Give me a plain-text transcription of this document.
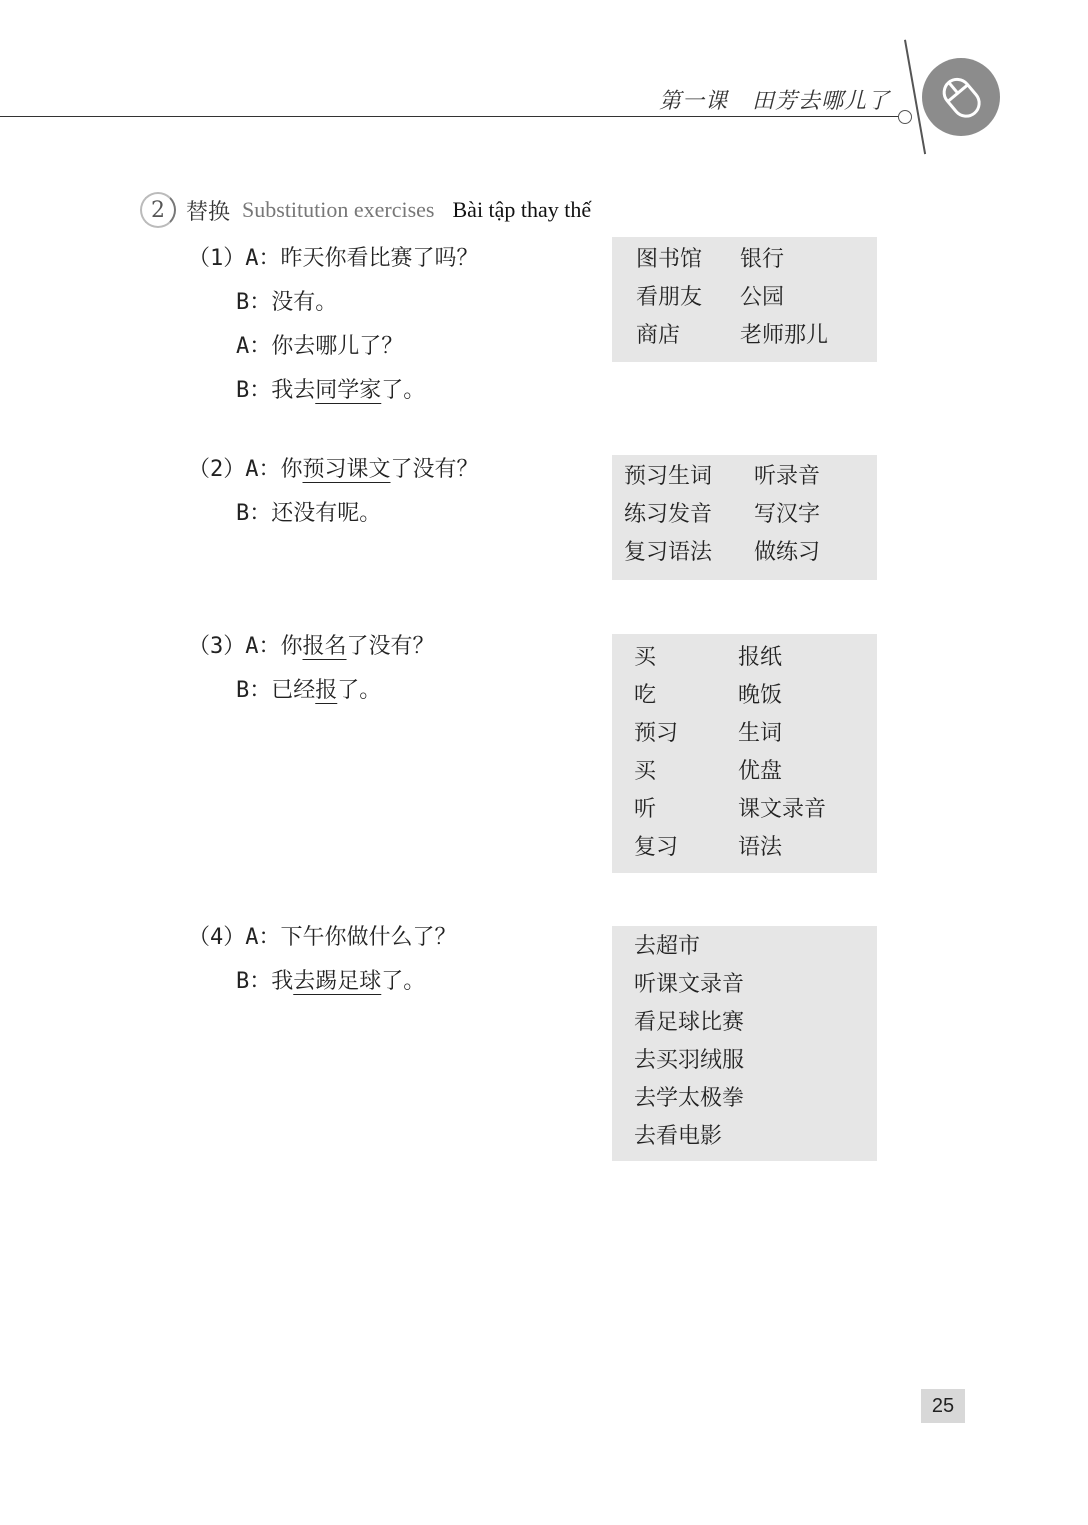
第一课 田芳去哪儿了
2 替换 Substitution exercises Bài tập thay thế
（1）A：昨天你看比赛了吗？
B：没有。
A：你去哪儿了？
B：我去同学家了。
图书馆	银行
看朋友	公园
商店	老师那儿
（2）A：你预习课文了没有？
B：还没有呢。
预习生词	听录音
练习发音	写汉字
复习语法	做练习
（3）A：你报名了没有？
B：已经报了。
买	报纸
吃	晚饭
预习	生词
买	优盘
听	课文录音
复习	语法
（4）A：下午你做什么了？
B：我去踢足球了。
去超市
听课文录音
看足球比赛
去买羽绒服
去学太极拳
去看电影
25
